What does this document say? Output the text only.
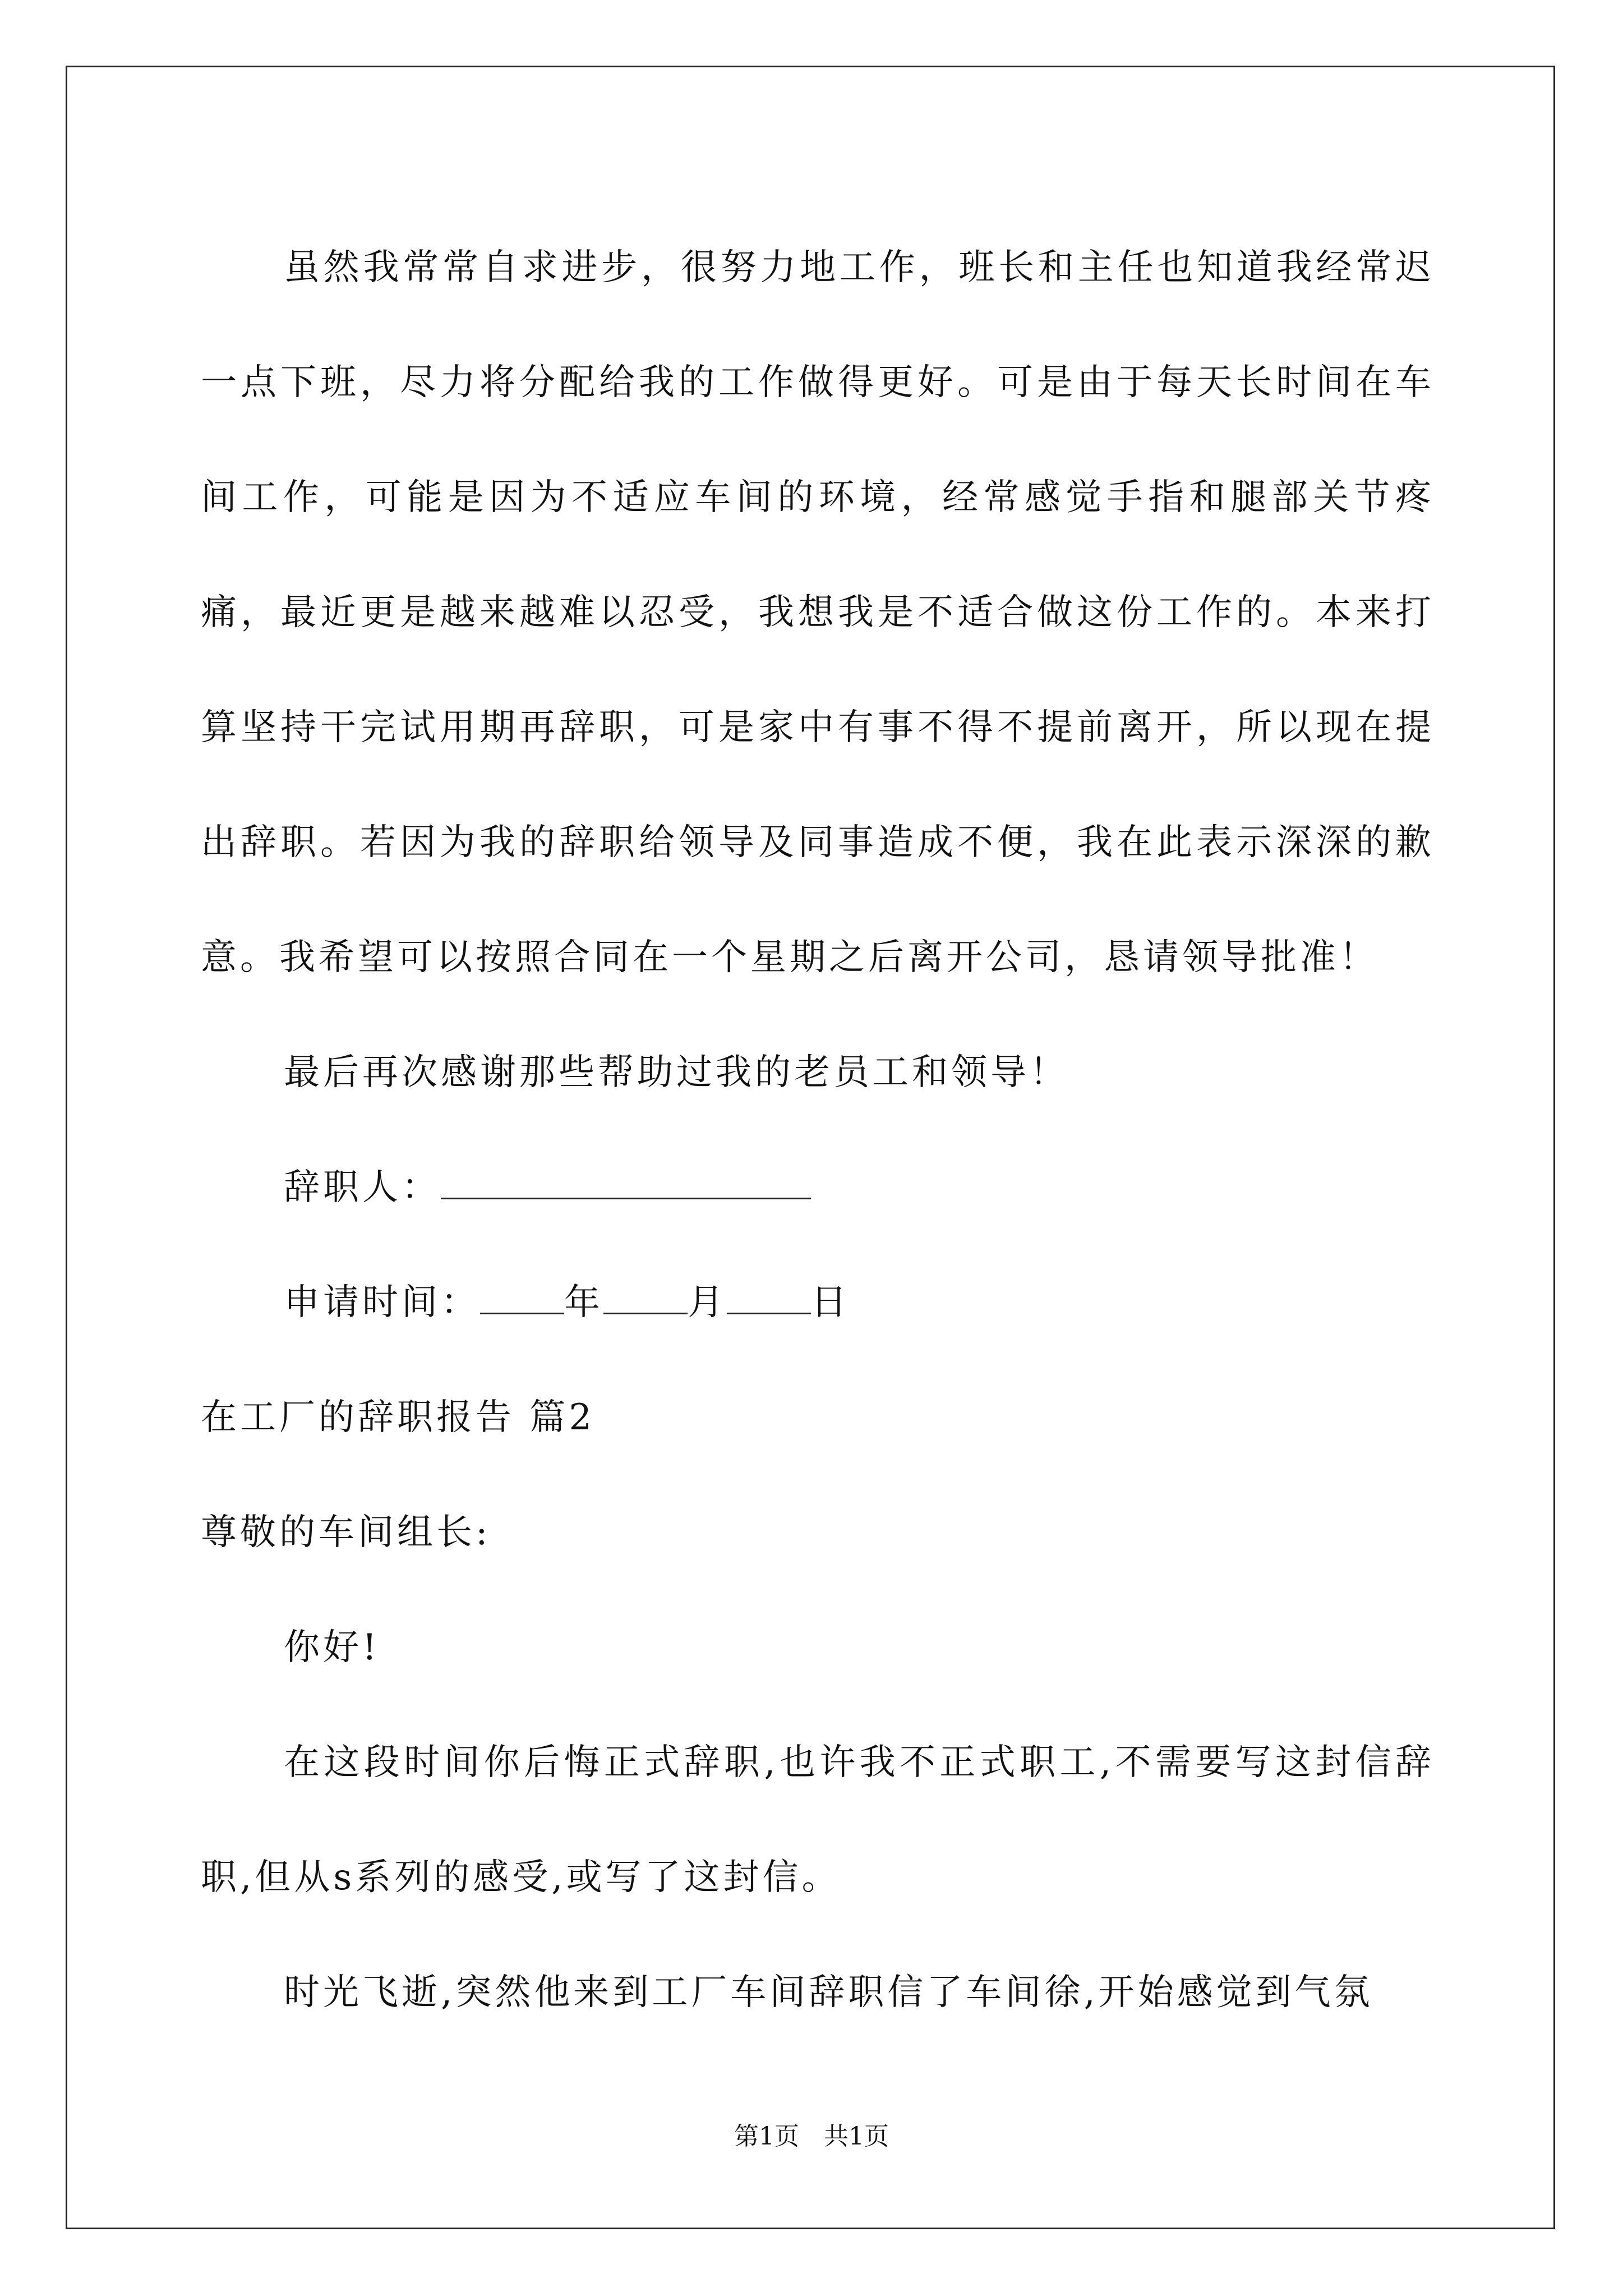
虽然我常常自求进步，很努力地工作，班长和主任也知道我经常迟一点下班，尽力将分配给我的工作做得更好。可是由于每天长时间在车间工作，可能是因为不适应车间的环境，经常感觉手指和腿部关节疼痛，最近更是越来越难以忍受，我想我是不适合做这份工作的。本来打算坚持干完试用期再辞职，可是家中有事不得不提前离开，所以现在提出辞职。若因为我的辞职给领导及同事造成不便，我在此表示深深的歉意。我希望可以按照合同在一个星期之后离开公司，恳请领导批准！

最后再次感谢那些帮助过我的老员工和领导！

辞职人：

申请时间： 年 月 日

在工厂的辞职报告 篇2

尊敬的车间组长:

你好!

在这段时间你后悔正式辞职,也许我不正式职工,不需要写这封信辞职,但从s系列的感受,或写了这封信。

时光飞逝,突然他来到工厂车间辞职信了车间徐,开始感觉到气氛

第1页　共1页
